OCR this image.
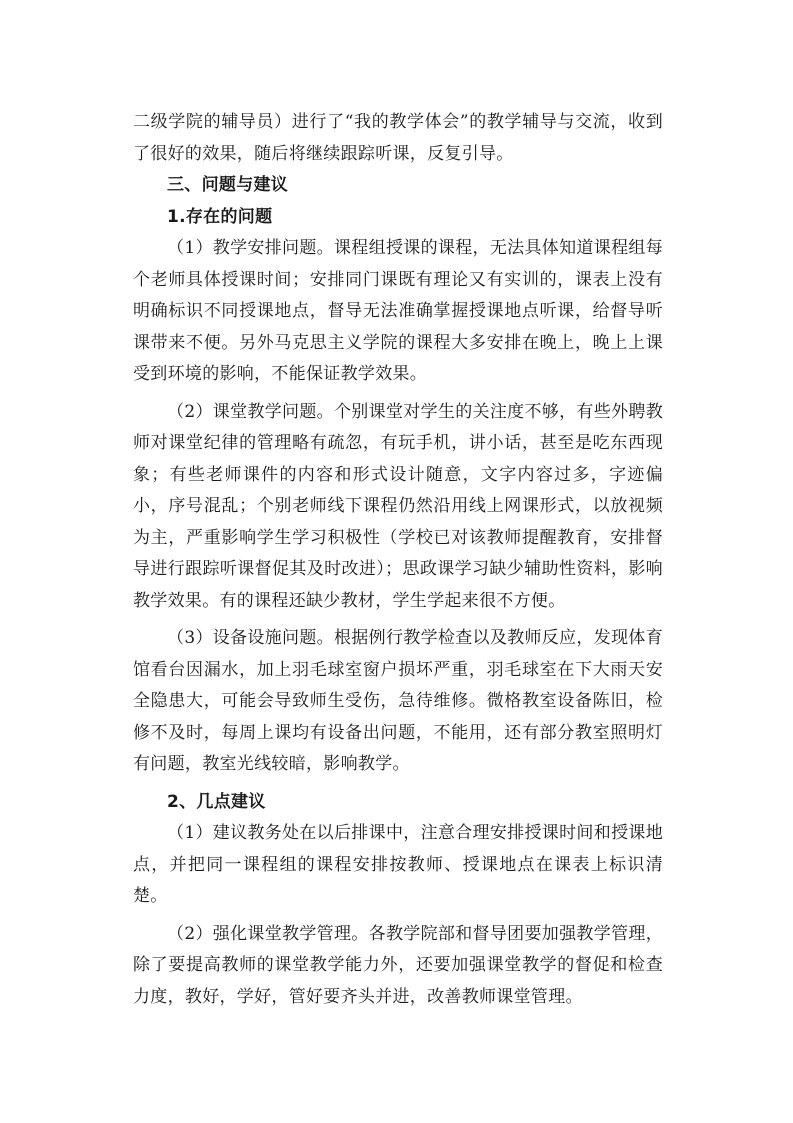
二级学院的辅导员）进行了“我的教学体会”的教学辅导与交流，收到了很好的效果，随后将继续跟踪听课，反复引导。

三、问题与建议

1.存在的问题

（1）教学安排问题。课程组授课的课程，无法具体知道课程组每个老师具体授课时间；安排同门课既有理论又有实训的，课表上没有明确标识不同授课地点，督导无法准确掌握授课地点听课，给督导听课带来不便。另外马克思主义学院的课程大多安排在晚上，晚上上课受到环境的影响，不能保证教学效果。

（2）课堂教学问题。个别课堂对学生的关注度不够，有些外聘教师对课堂纪律的管理略有疏忽，有玩手机，讲小话，甚至是吃东西现象；有些老师课件的内容和形式设计随意，文字内容过多，字迹偏小，序号混乱；个别老师线下课程仍然沿用线上网课形式，以放视频为主，严重影响学生学习积极性（学校已对该教师提醒教育，安排督导进行跟踪听课督促其及时改进）；思政课学习缺少辅助性资料，影响教学效果。有的课程还缺少教材，学生学起来很不方便。

（3）设备设施问题。根据例行教学检查以及教师反应，发现体育馆看台因漏水，加上羽毛球室窗户损坏严重，羽毛球室在下大雨天安全隐患大，可能会导致师生受伤，急待维修。微格教室设备陈旧，检修不及时，每周上课均有设备出问题，不能用，还有部分教室照明灯有问题，教室光线较暗，影响教学。

2、几点建议

（1）建议教务处在以后排课中，注意合理安排授课时间和授课地点，并把同一课程组的课程安排按教师、授课地点在课表上标识清楚。

（2）强化课堂教学管理。各教学院部和督导团要加强教学管理，除了要提高教师的课堂教学能力外，还要加强课堂教学的督促和检查力度，教好，学好，管好要齐头并进，改善教师课堂管理。
